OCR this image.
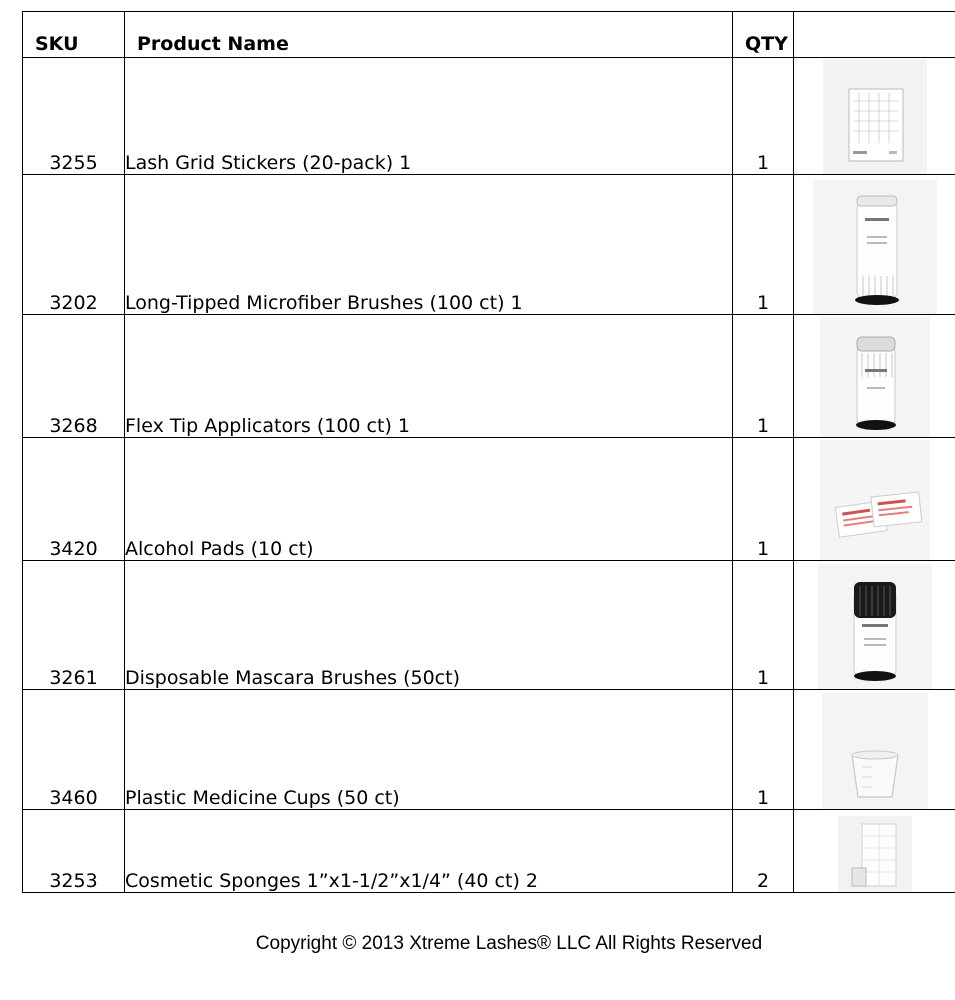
SKU	Product Name	QTY	
3255	Lash Grid Stickers (20-pack) 1	1	
3202	Long-Tipped Microfiber Brushes (100 ct) 1	1	
3268	Flex Tip Applicators (100 ct) 1	1	
3420	Alcohol Pads (10 ct)	1	
3261	Disposable Mascara Brushes (50ct)	1	
3460	Plastic Medicine Cups (50 ct)	1	
3253	Cosmetic Sponges 1”x1-1/2”x1/4” (40 ct) 2	2	
Copyright © 2013 Xtreme Lashes® LLC All Rights Reserved
